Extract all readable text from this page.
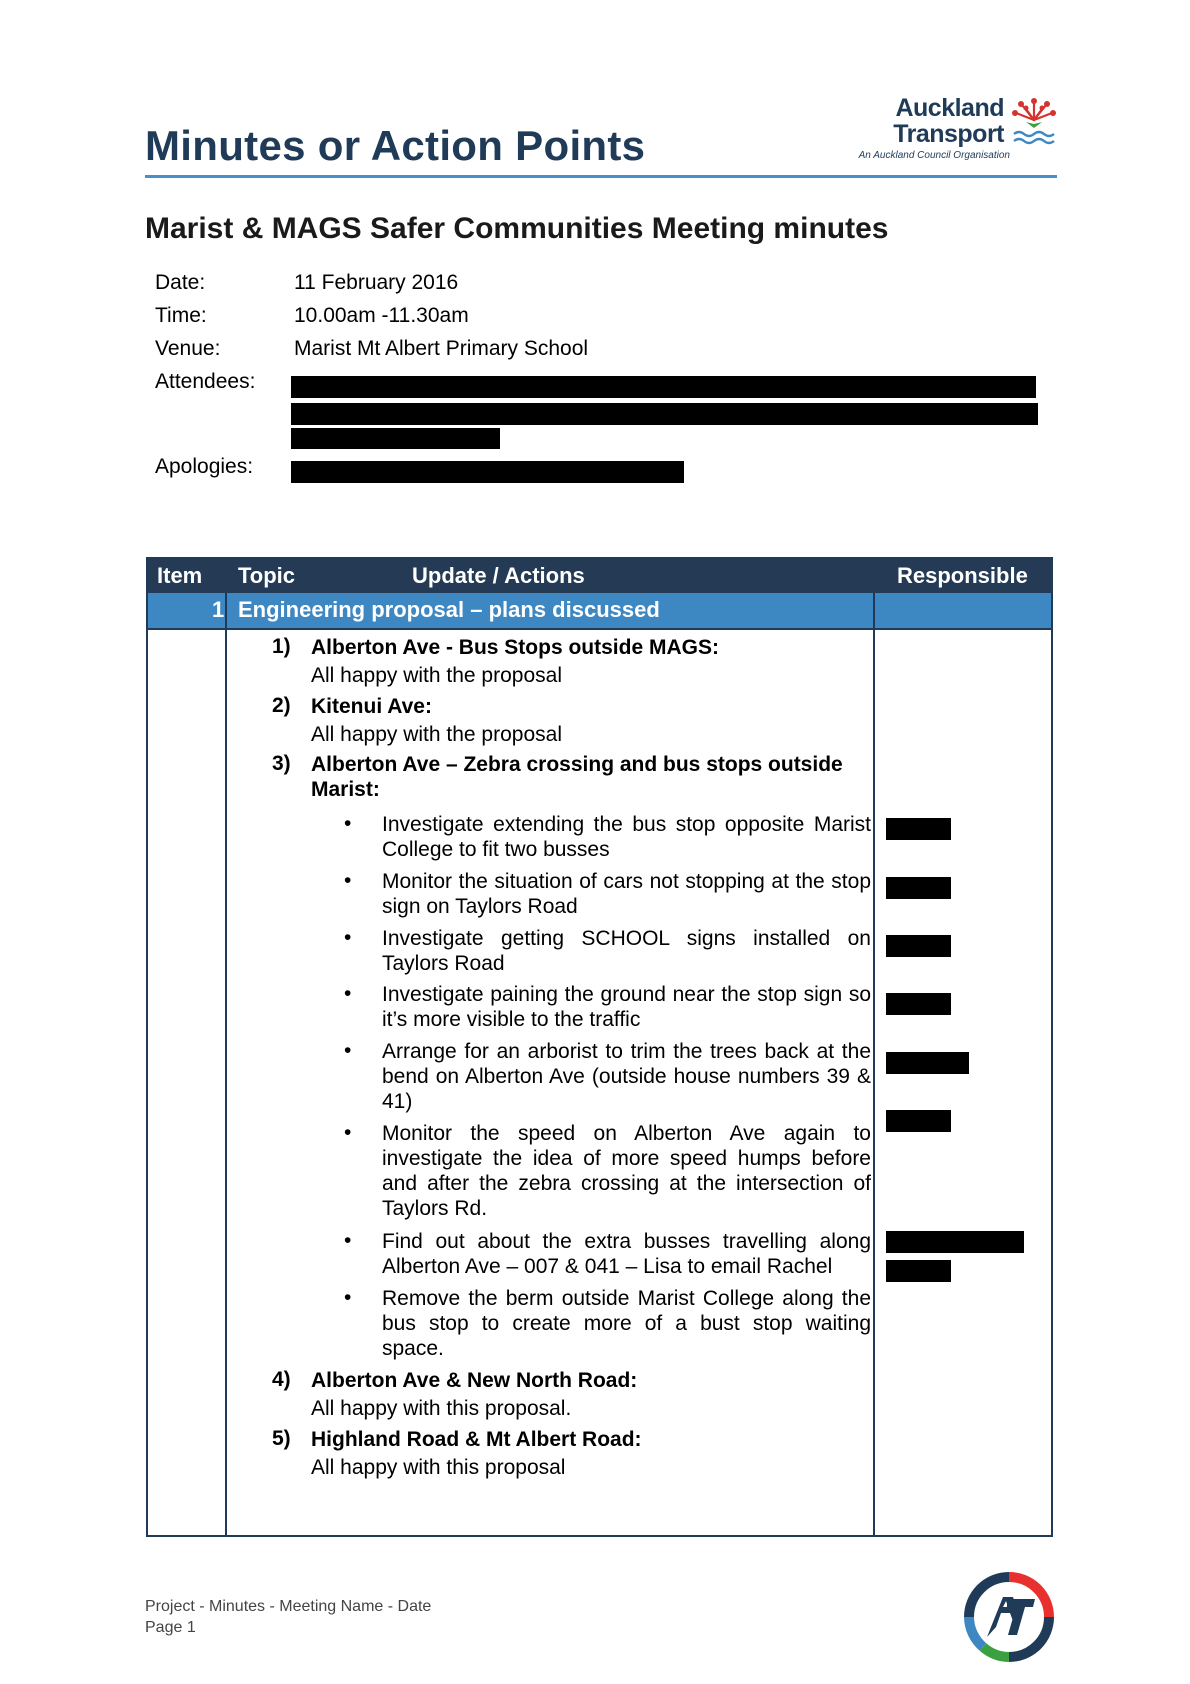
Minutes or Action Points
Auckland
Transport
An Auckland Council Organisation
Marist & MAGS Safer Communities Meeting minutes
Date:	11 February 2016
Time:	10.00am -11.30am
Venue:	Marist Mt Albert Primary School
Attendees:
Apologies:
Item Topic	Update / Actions	Responsible
1 Engineering proposal – plans discussed
1) Alberton Ave - Bus Stops outside MAGS:
All happy with the proposal
2) Kitenui Ave:
All happy with the proposal
3) Alberton Ave – Zebra crossing and bus stops outside Marist:
• Investigate extending the bus stop opposite Marist College to fit two busses
• Monitor the situation of cars not stopping at the stop sign on Taylors Road
• Investigate getting SCHOOL signs installed on Taylors Road
• Investigate paining the ground near the stop sign so it’s more visible to the traffic
• Arrange for an arborist to trim the trees back at the bend on Alberton Ave (outside house numbers 39 & 41)
• Monitor the speed on Alberton Ave again to investigate the idea of more speed humps before and after the zebra crossing at the intersection of Taylors Rd.
• Find out about the extra busses travelling along Alberton Ave – 007 & 041 – Lisa to email Rachel
• Remove the berm outside Marist College along the bus stop to create more of a bust stop waiting space.
4) Alberton Ave & New North Road:
All happy with this proposal.
5) Highland Road & Mt Albert Road:
All happy with this proposal
Project - Minutes - Meeting Name - Date
Page 1
